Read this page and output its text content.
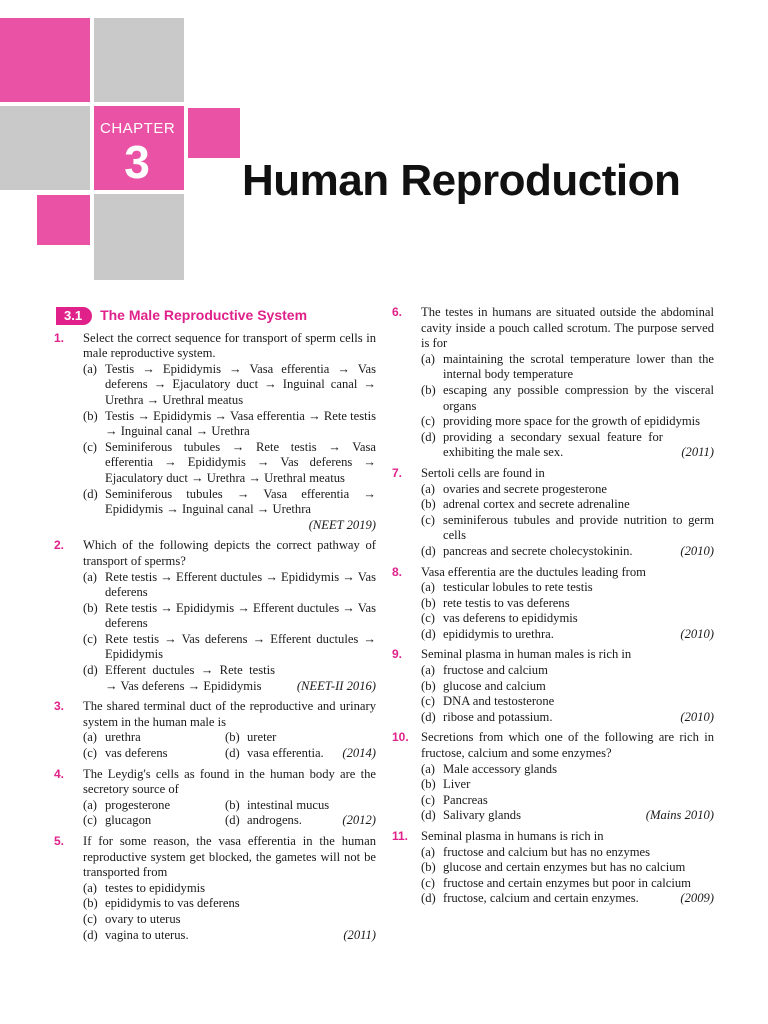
CHAPTER
3	Human Reproduction
3.1	The Male Reproductive System
1. Select the correct sequence for transport of sperm cells in male reproductive system.
(a) Testis → Epididymis → Vasa efferentia → Vas deferens → Ejaculatory duct → Inguinal canal → Urethra → Urethral meatus
(b) Testis → Epididymis → Vasa efferentia → Rete testis → Inguinal canal → Urethra
(c) Seminiferous tubules → Rete testis → Vasa efferentia → Epididymis → Vas deferens → Ejaculatory duct → Urethra → Urethral meatus
(d) Seminiferous tubules → Vasa efferentia → Epididymis → Inguinal canal → Urethra
(NEET 2019)
2. Which of the following depicts the correct pathway of transport of sperms?
(a) Rete testis → Efferent ductules → Epididymis → Vas deferens
(b) Rete testis → Epididymis → Efferent ductules → Vas deferens
(c) Rete testis → Vas deferens → Efferent ductules → Epididymis
(d) Efferent ductules → Rete testis → Vas deferens → Epididymis	(NEET-II 2016)
3. The shared terminal duct of the reproductive and urinary system in the human male is
(a) urethra	(b) ureter
(c) vas deferens	(d) vasa efferentia. (2014)
4. The Leydig's cells as found in the human body are the secretory source of
(a) progesterone	(b) intestinal mucus
(c) glucagon	(d) androgens.	(2012)
5. If for some reason, the vasa efferentia in the human reproductive system get blocked, the gametes will not be transported from
(a) testes to epididymis
(b) epididymis to vas deferens
(c) ovary to uterus
(d) vagina to uterus.	(2011)
6. The testes in humans are situated outside the abdominal cavity inside a pouch called scrotum. The purpose served is for
(a) maintaining the scrotal temperature lower than the internal body temperature
(b) escaping any possible compression by the visceral organs
(c) providing more space for the growth of epididymis
(d) providing a secondary sexual feature for exhibiting the male sex.	(2011)
7. Sertoli cells are found in
(a) ovaries and secrete progesterone
(b) adrenal cortex and secrete adrenaline
(c) seminiferous tubules and provide nutrition to germ cells
(d) pancreas and secrete cholecystokinin.	(2010)
8. Vasa efferentia are the ductules leading from
(a) testicular lobules to rete testis
(b) rete testis to vas deferens
(c) vas deferens to epididymis
(d) epididymis to urethra.	(2010)
9. Seminal plasma in human males is rich in
(a) fructose and calcium
(b) glucose and calcium
(c) DNA and testosterone
(d) ribose and potassium.	(2010)
10. Secretions from which one of the following are rich in fructose, calcium and some enzymes?
(a) Male accessory glands
(b) Liver
(c) Pancreas
(d) Salivary glands	(Mains 2010)
11. Seminal plasma in humans is rich in
(a) fructose and calcium but has no enzymes
(b) glucose and certain enzymes but has no calcium
(c) fructose and certain enzymes but poor in calcium
(d) fructose, calcium and certain enzymes.	(2009)
